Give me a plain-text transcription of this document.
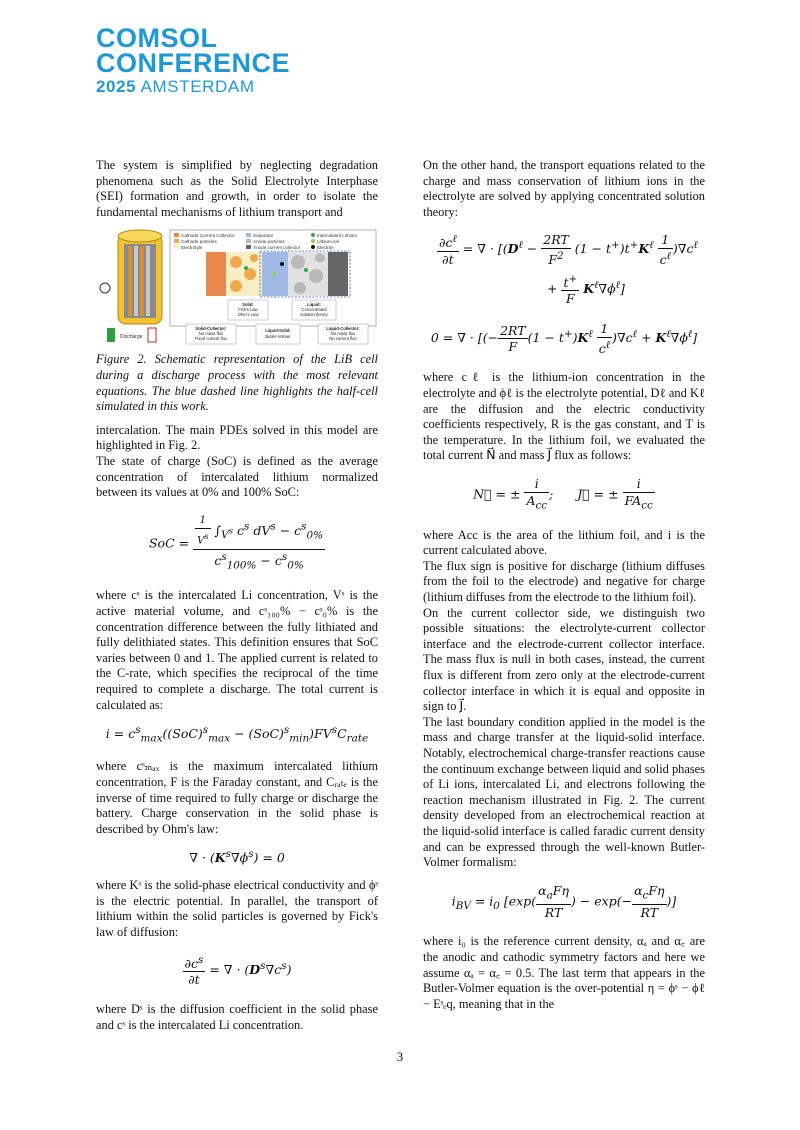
COMSOL
CONFERENCE
2025 AMSTERDAM

The system is simplified by neglecting degradation phenomena such as the Solid Electrolyte Interphase (SEI) formation and growth, in order to isolate the fundamental mechanisms of lithium transport and

Discharge
Cathode Current Collector
Cathode particles
Electrolyte
Separator
Anode particles
Anode current collector
Intercalated Lithium
Lithium ion
Electron
Solid:
Fick's Law
Ohm's Law
Liquid:
Concentrated
solution theory
Solid-Collector:
No mass flux
Fixed current flux
Liquid-Solid:
Butler-Volmer
Liquid-Collector:
No mass flux
No current flux

Figure 2. Schematic representation of the LiB cell during a discharge process with the most relevant equations. The blue dashed line highlights the half-cell simulated in this work.

intercalation. The main PDEs solved in this model are highlighted in Fig. 2.

The state of charge (SoC) is defined as the average concentration of intercalated lithium normalized between its values at 0% and 100% SoC:

SoC = $\frac{\frac{1}{V^s} \int_{V^s} c^s dV^s - c^s_{0\%}}{c^s_{100\%} - c^s_{0\%}}$

where cˢ is the intercalated Li concentration, Vˢ is the active material volume, and cˢ₁₀₀% − cˢ₀% is the concentration difference between the fully lithiated and fully delithiated states. This definition ensures that SoC varies between 0 and 1. The applied current is related to the C-rate, which specifies the reciprocal of the time required to complete a discharge. The total current is calculated as:

$i = c^s_{max}((SoC)^s_{max} - (SoC)^s_{min})FV^sC_{rate}$

where cˢₘₐₓ is the maximum intercalated lithium concentration, F is the Faraday constant, and Cᵣₐₜₑ is the inverse of time required to fully charge or discharge the battery. Charge conservation in the solid phase is described by Ohm's law:

∇ · $(K^s\nabla\phi^s) = 0$

where Kˢ is the solid-phase electrical conductivity and ϕˢ is the electric potential. In parallel, the transport of lithium within the solid particles is governed by Fick's law of diffusion:

$\frac{\partial c^s}{\partial t}$ = ∇ · $(D^s\nabla c^s)$

where Dˢ is the diffusion coefficient in the solid phase and cˢ is the intercalated Li concentration.

On the other hand, the transport equations related to the charge and mass conservation of lithium ions in the electrolyte are solved by applying concentrated solution theory:

$\frac{\partial c^\ell}{\partial t}$ = ∇ · [$(D^\ell - \frac{2RT}{F^2} (1 - t^+)t^+K^\ell \frac{1}{c^\ell} )\nabla c^\ell$
+ $\frac{t^+}{F} K^\ell\nabla\phi^\ell$]
0 = ∇ · [(− $\frac{2RT}{F} (1 - t^+)K^\ell \frac{1}{c^\ell} )\nabla c^\ell + K^\ell\nabla\phi^\ell$]

where cℓ is the lithium-ion concentration in the electrolyte and ϕℓ is the electrolyte potential, Dℓ and Kℓ are the diffusion and the electric conductivity coefficients respectively, R is the gas constant, and T is the temperature. In the lithium foil, we evaluated the total current N⃗ and mass J⃗ flux as follows:

N⃗ = ± $\frac{i}{A_{cc}}$ ;      J⃗ = ± $\frac{i}{FA_{cc}}$

where Acc is the area of the lithium foil, and i is the current calculated above.

The flux sign is positive for discharge (lithium diffuses from the foil to the electrode) and negative for charge (lithium diffuses from the electrode to the lithium foil).

On the current collector side, we distinguish two possible situations: the electrolyte-current collector interface and the electrode-current collector interface. The mass flux is null in both cases, instead, the current flux is different from zero only at the electrode-current collector interface in which it is equal and opposite in sign to J⃗.

The last boundary condition applied in the model is the mass and charge transfer at the liquid-solid interface. Notably, electrochemical charge-transfer reactions cause the continuum exchange between liquid and solid phases of Li ions, intercalated Li, and electrons following the reaction mechanism illustrated in Fig. 2. The current density developed from an electrochemical reaction at the liquid-solid interface is called faradic current density and can be expressed through the well-known Butler-Volmer formalism:

$i_{BV} = i_0$ [$\exp( \frac{\alpha_aF\eta}{RT}$ ) − $\exp(- \frac{\alpha_cF\eta}{RT}$ )]

where i₀ is the reference current density, αₐ and α꜀ are the anodic and cathodic symmetry factors and here we assume αₐ = α꜀ = 0.5. The last term that appears in the Butler-Volmer equation is the over-potential η = ϕˢ − ϕℓ − Eˢₑq, meaning that in the

3
